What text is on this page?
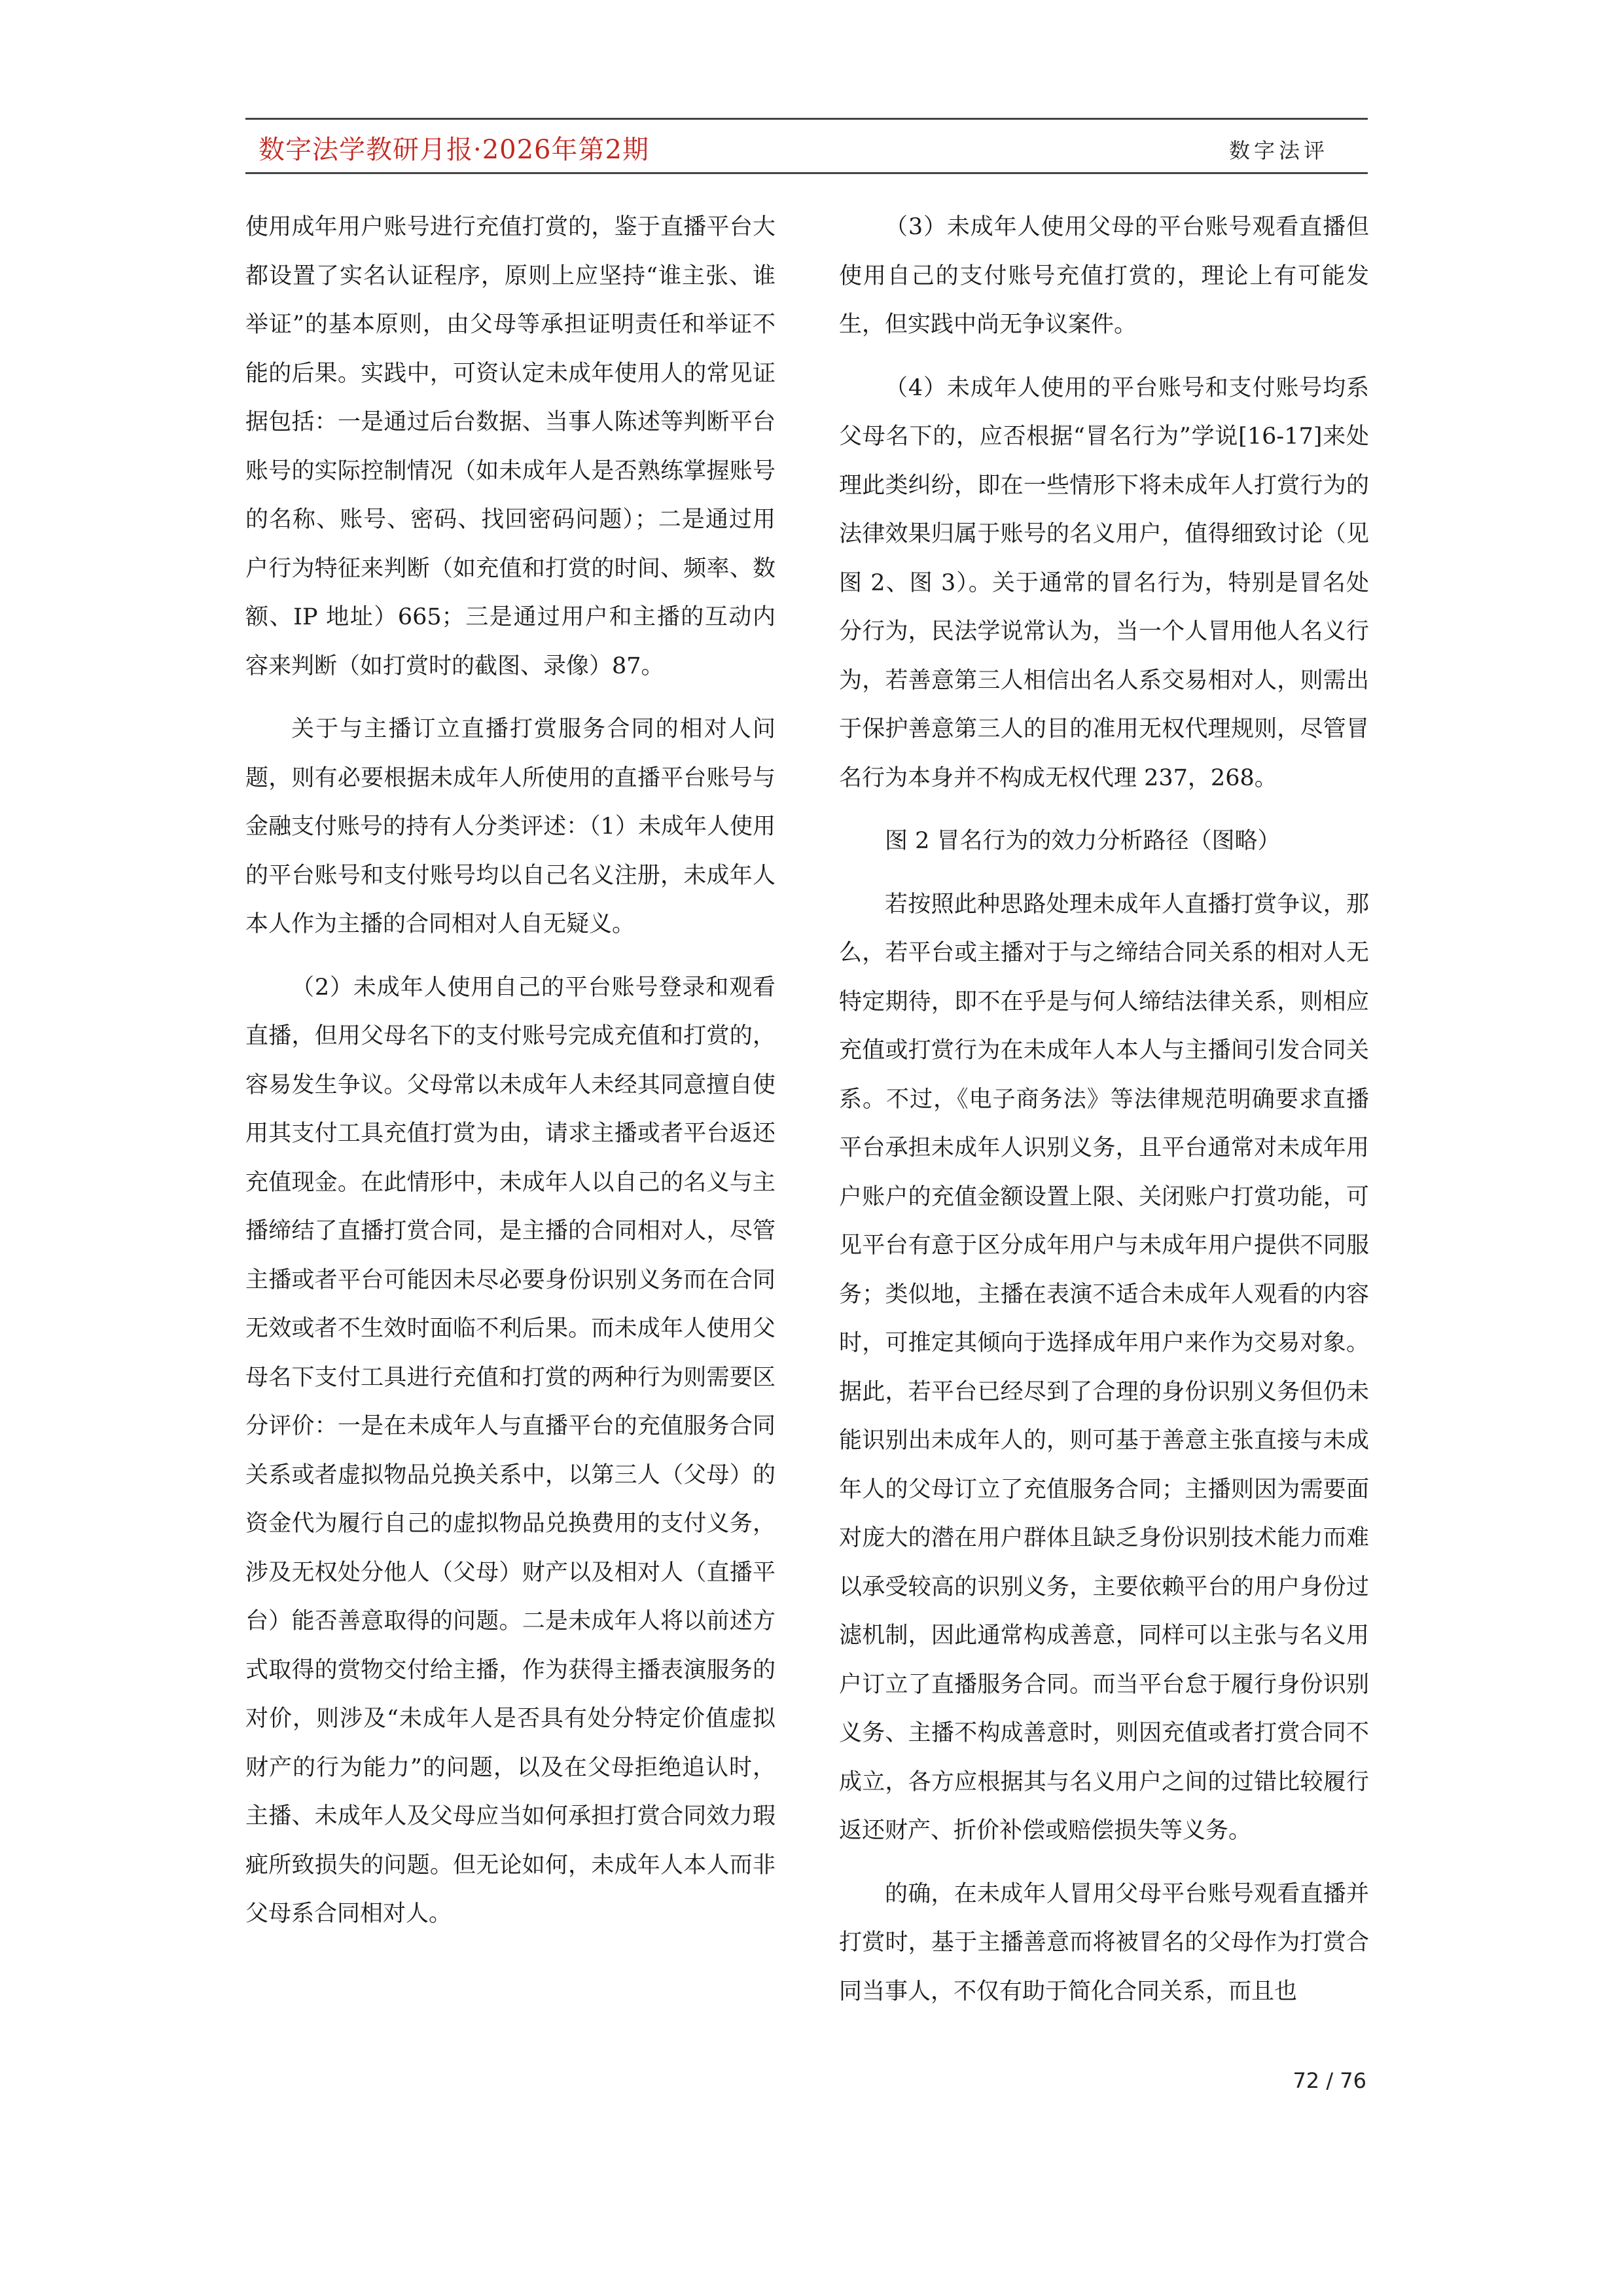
数字法学教研月报·2026年第2期	数字法评

使用成年用户账号进行充值打赏的，鉴于直播平台大都设置了实名认证程序，原则上应坚持“谁主张、谁举证”的基本原则，由父母等承担证明责任和举证不能的后果。实践中，可资认定未成年使用人的常见证据包括：一是通过后台数据、当事人陈述等判断平台账号的实际控制情况（如未成年人是否熟练掌握账号的名称、账号、密码、找回密码问题）；二是通过用户行为特征来判断（如充值和打赏的时间、频率、数额、IP 地址）665；三是通过用户和主播的互动内容来判断（如打赏时的截图、录像）87。

关于与主播订立直播打赏服务合同的相对人问题，则有必要根据未成年人所使用的直播平台账号与金融支付账号的持有人分类评述：（1）未成年人使用的平台账号和支付账号均以自己名义注册，未成年人本人作为主播的合同相对人自无疑义。

（2）未成年人使用自己的平台账号登录和观看直播，但用父母名下的支付账号完成充值和打赏的，容易发生争议。父母常以未成年人未经其同意擅自使用其支付工具充值打赏为由，请求主播或者平台返还充值现金。在此情形中，未成年人以自己的名义与主播缔结了直播打赏合同，是主播的合同相对人，尽管主播或者平台可能因未尽必要身份识别义务而在合同无效或者不生效时面临不利后果。而未成年人使用父母名下支付工具进行充值和打赏的两种行为则需要区分评价：一是在未成年人与直播平台的充值服务合同关系或者虚拟物品兑换关系中，以第三人（父母）的资金代为履行自己的虚拟物品兑换费用的支付义务，涉及无权处分他人（父母）财产以及相对人（直播平台）能否善意取得的问题。二是未成年人将以前述方式取得的赏物交付给主播，作为获得主播表演服务的对价，则涉及“未成年人是否具有处分特定价值虚拟财产的行为能力”的问题，以及在父母拒绝追认时，主播、未成年人及父母应当如何承担打赏合同效力瑕疵所致损失的问题。但无论如何，未成年人本人而非父母系合同相对人。

（3）未成年人使用父母的平台账号观看直播但使用自己的支付账号充值打赏的，理论上有可能发生，但实践中尚无争议案件。

（4）未成年人使用的平台账号和支付账号均系父母名下的，应否根据“冒名行为”学说[16-17]来处理此类纠纷，即在一些情形下将未成年人打赏行为的法律效果归属于账号的名义用户，值得细致讨论（见图 2、图 3）。关于通常的冒名行为，特别是冒名处分行为，民法学说常认为，当一个人冒用他人名义行为，若善意第三人相信出名人系交易相对人，则需出于保护善意第三人的目的准用无权代理规则，尽管冒名行为本身并不构成无权代理 237，268。

图 2 冒名行为的效力分析路径（图略）

若按照此种思路处理未成年人直播打赏争议，那么，若平台或主播对于与之缔结合同关系的相对人无特定期待，即不在乎是与何人缔结法律关系，则相应充值或打赏行为在未成年人本人与主播间引发合同关系。不过，《电子商务法》等法律规范明确要求直播平台承担未成年人识别义务，且平台通常对未成年用户账户的充值金额设置上限、关闭账户打赏功能，可见平台有意于区分成年用户与未成年用户提供不同服务；类似地，主播在表演不适合未成年人观看的内容时，可推定其倾向于选择成年用户来作为交易对象。据此，若平台已经尽到了合理的身份识别义务但仍未能识别出未成年人的，则可基于善意主张直接与未成年人的父母订立了充值服务合同；主播则因为需要面对庞大的潜在用户群体且缺乏身份识别技术能力而难以承受较高的识别义务，主要依赖平台的用户身份过滤机制，因此通常构成善意，同样可以主张与名义用户订立了直播服务合同。而当平台怠于履行身份识别义务、主播不构成善意时，则因充值或者打赏合同不成立，各方应根据其与名义用户之间的过错比较履行返还财产、折价补偿或赔偿损失等义务。

的确，在未成年人冒用父母平台账号观看直播并打赏时，基于主播善意而将被冒名的父母作为打赏合同当事人，不仅有助于简化合同关系，而且也

72 / 76
